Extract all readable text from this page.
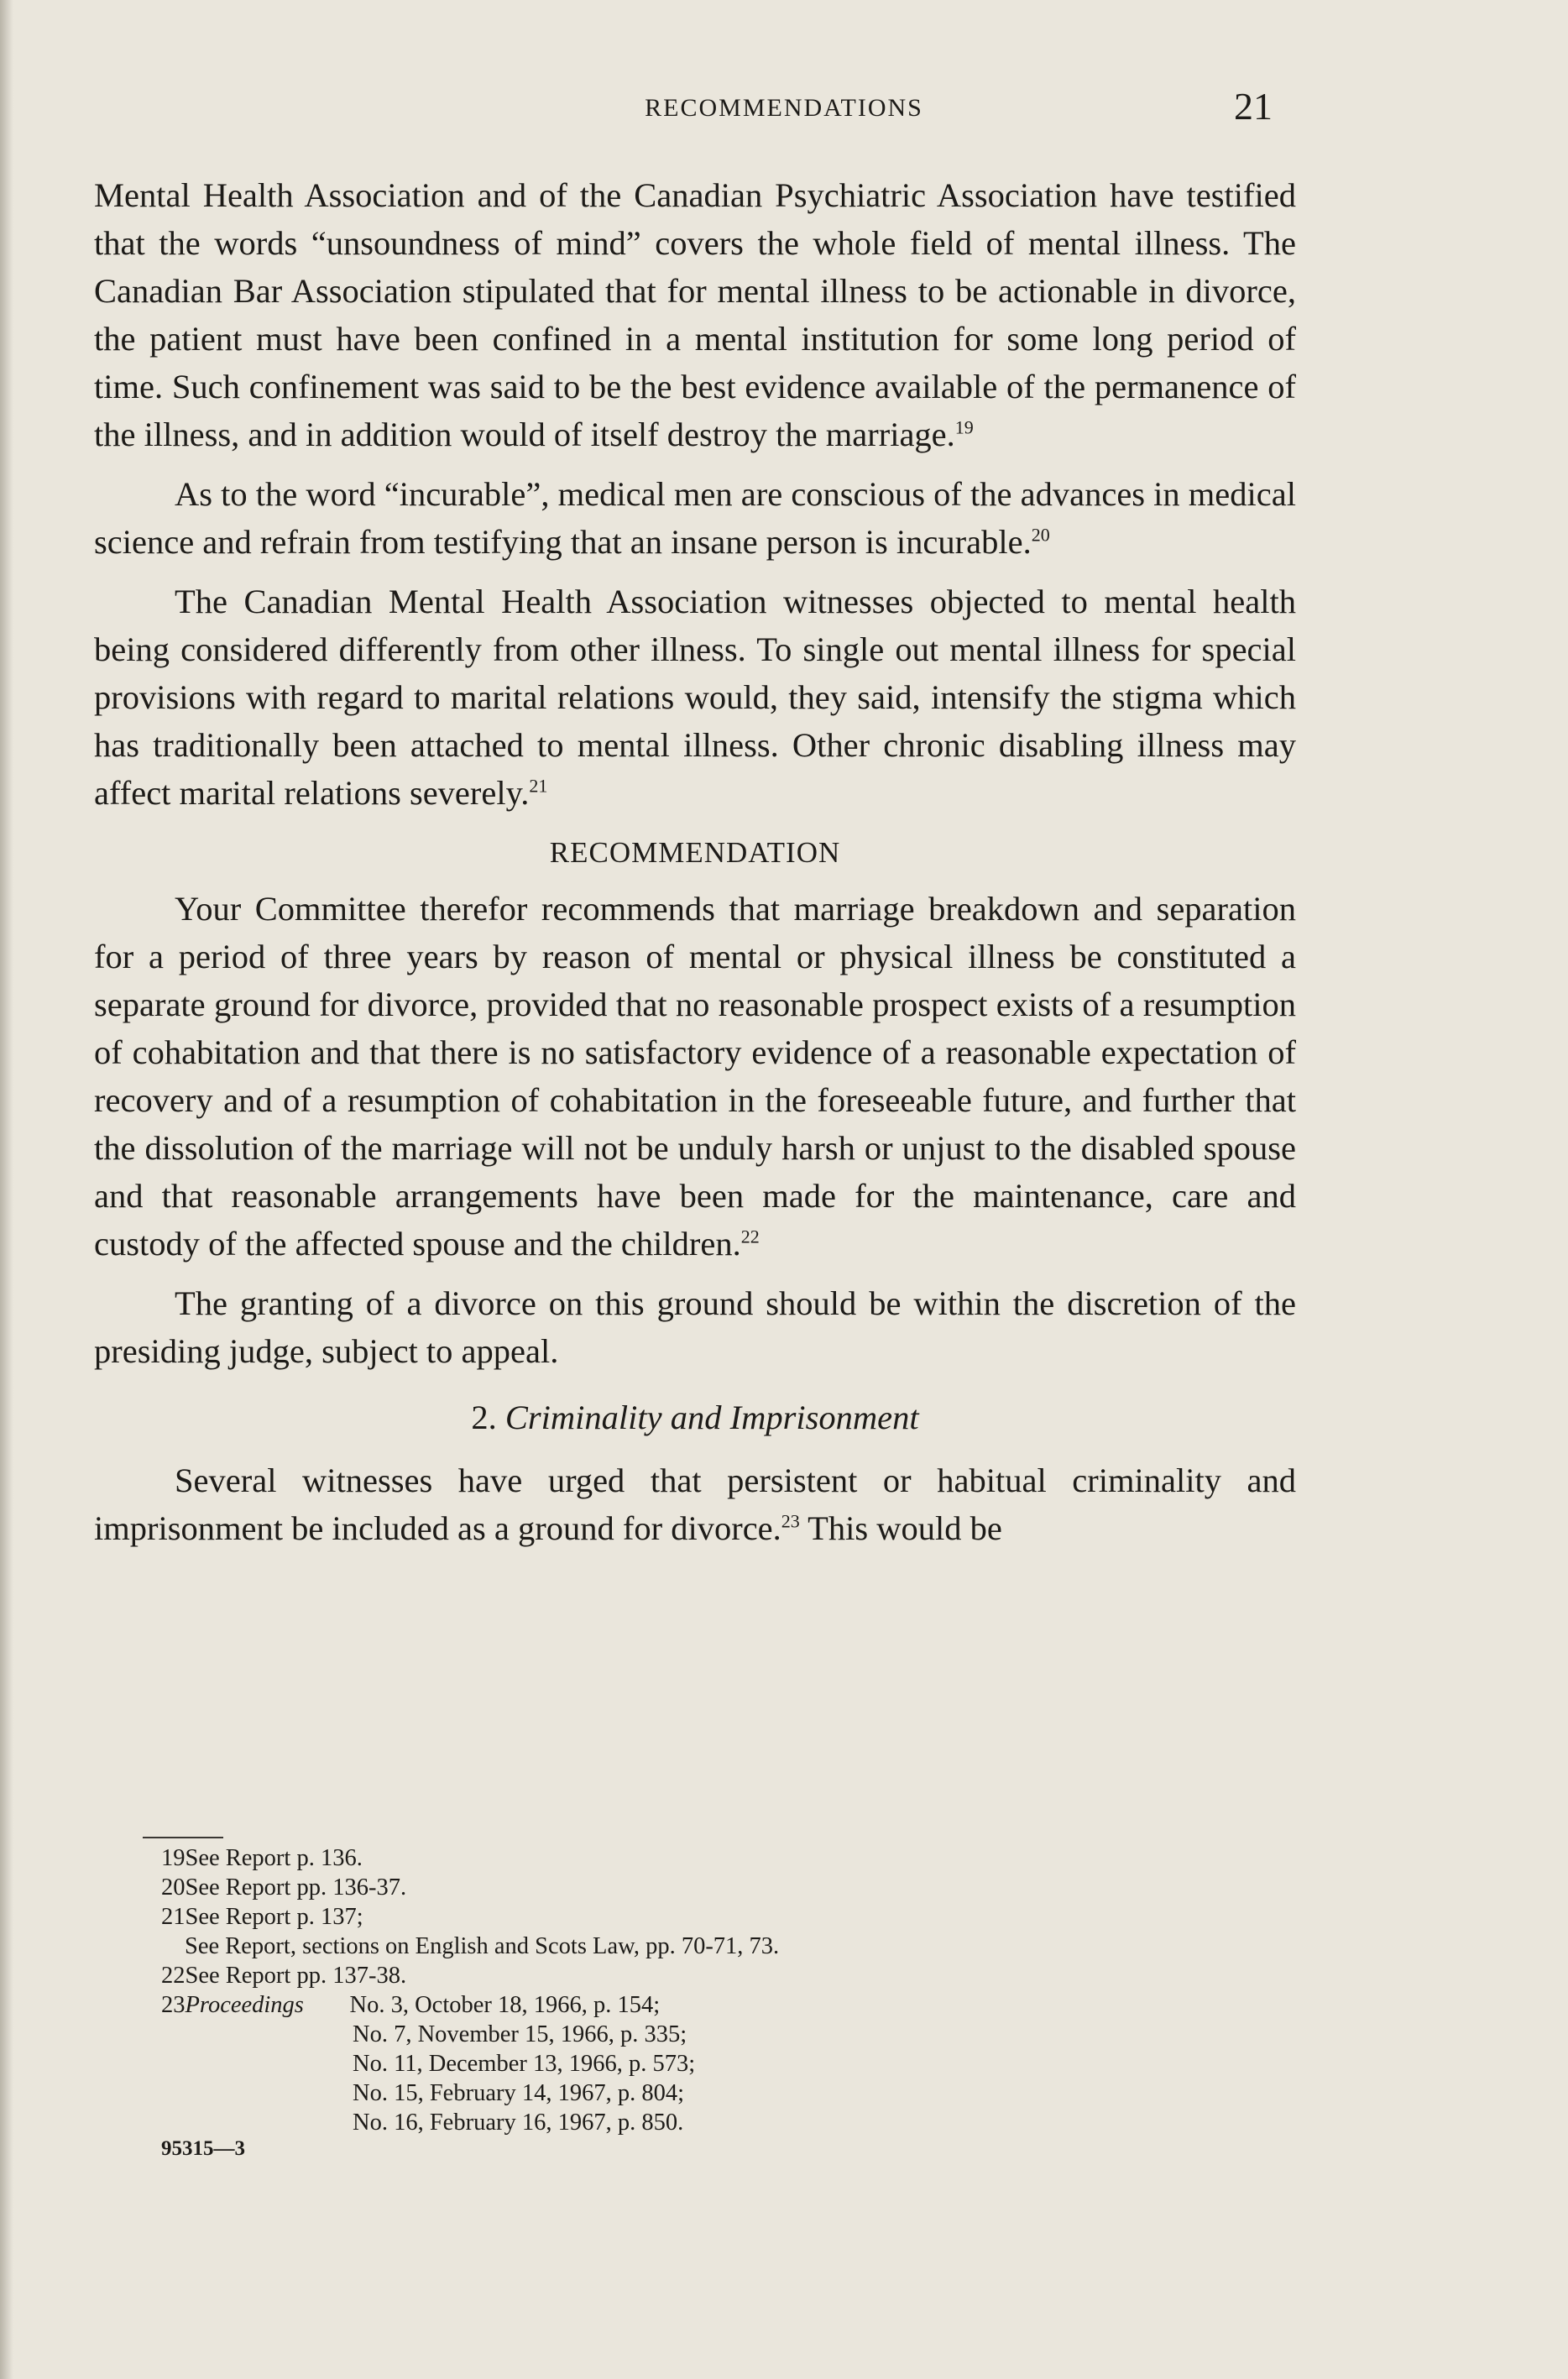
RECOMMENDATIONS	21

Mental Health Association and of the Canadian Psychiatric Association have testified that the words “unsoundness of mind” covers the whole field of mental illness. The Canadian Bar Association stipulated that for mental illness to be actionable in divorce, the patient must have been confined in a mental institution for some long period of time. Such confinement was said to be the best evidence available of the permanence of the illness, and in addition would of itself destroy the marriage.$^{19}$

As to the word “incurable”, medical men are conscious of the advances in medical science and refrain from testifying that an insane person is incurable.$^{20}$

The Canadian Mental Health Association witnesses objected to mental health being considered differently from other illness. To single out mental illness for special provisions with regard to marital relations would, they said, intensify the stigma which has traditionally been attached to mental illness. Other chronic disabling illness may affect marital relations severely.$^{21}$

RECOMMENDATION

Your Committee therefor recommends that marriage breakdown and separation for a period of three years by reason of mental or physical illness be constituted a separate ground for divorce, provided that no reasonable prospect exists of a resumption of cohabitation and that there is no satisfactory evidence of a reasonable expectation of recovery and of a resumption of cohabitation in the foreseeable future, and further that the dissolution of the marriage will not be unduly harsh or unjust to the disabled spouse and that reasonable arrangements have been made for the maintenance, care and custody of the affected spouse and the children.$^{22}$

The granting of a divorce on this ground should be within the discretion of the presiding judge, subject to appeal.

2. Criminality and Imprisonment

Several witnesses have urged that persistent or habitual criminality and imprisonment be included as a ground for divorce.$^{23}$ This would be

19See Report p. 136.
20See Report pp. 136-37.
21See Report p. 137;
See Report, sections on English and Scots Law, pp. 70-71, 73.
22See Report pp. 137-38.
23Proceedings No. 3, October 18, 1966, p. 154;
No. 7, November 15, 1966, p. 335;
No. 11, December 13, 1966, p. 573;
No. 15, February 14, 1967, p. 804;
No. 16, February 16, 1967, p. 850.
95315—3
